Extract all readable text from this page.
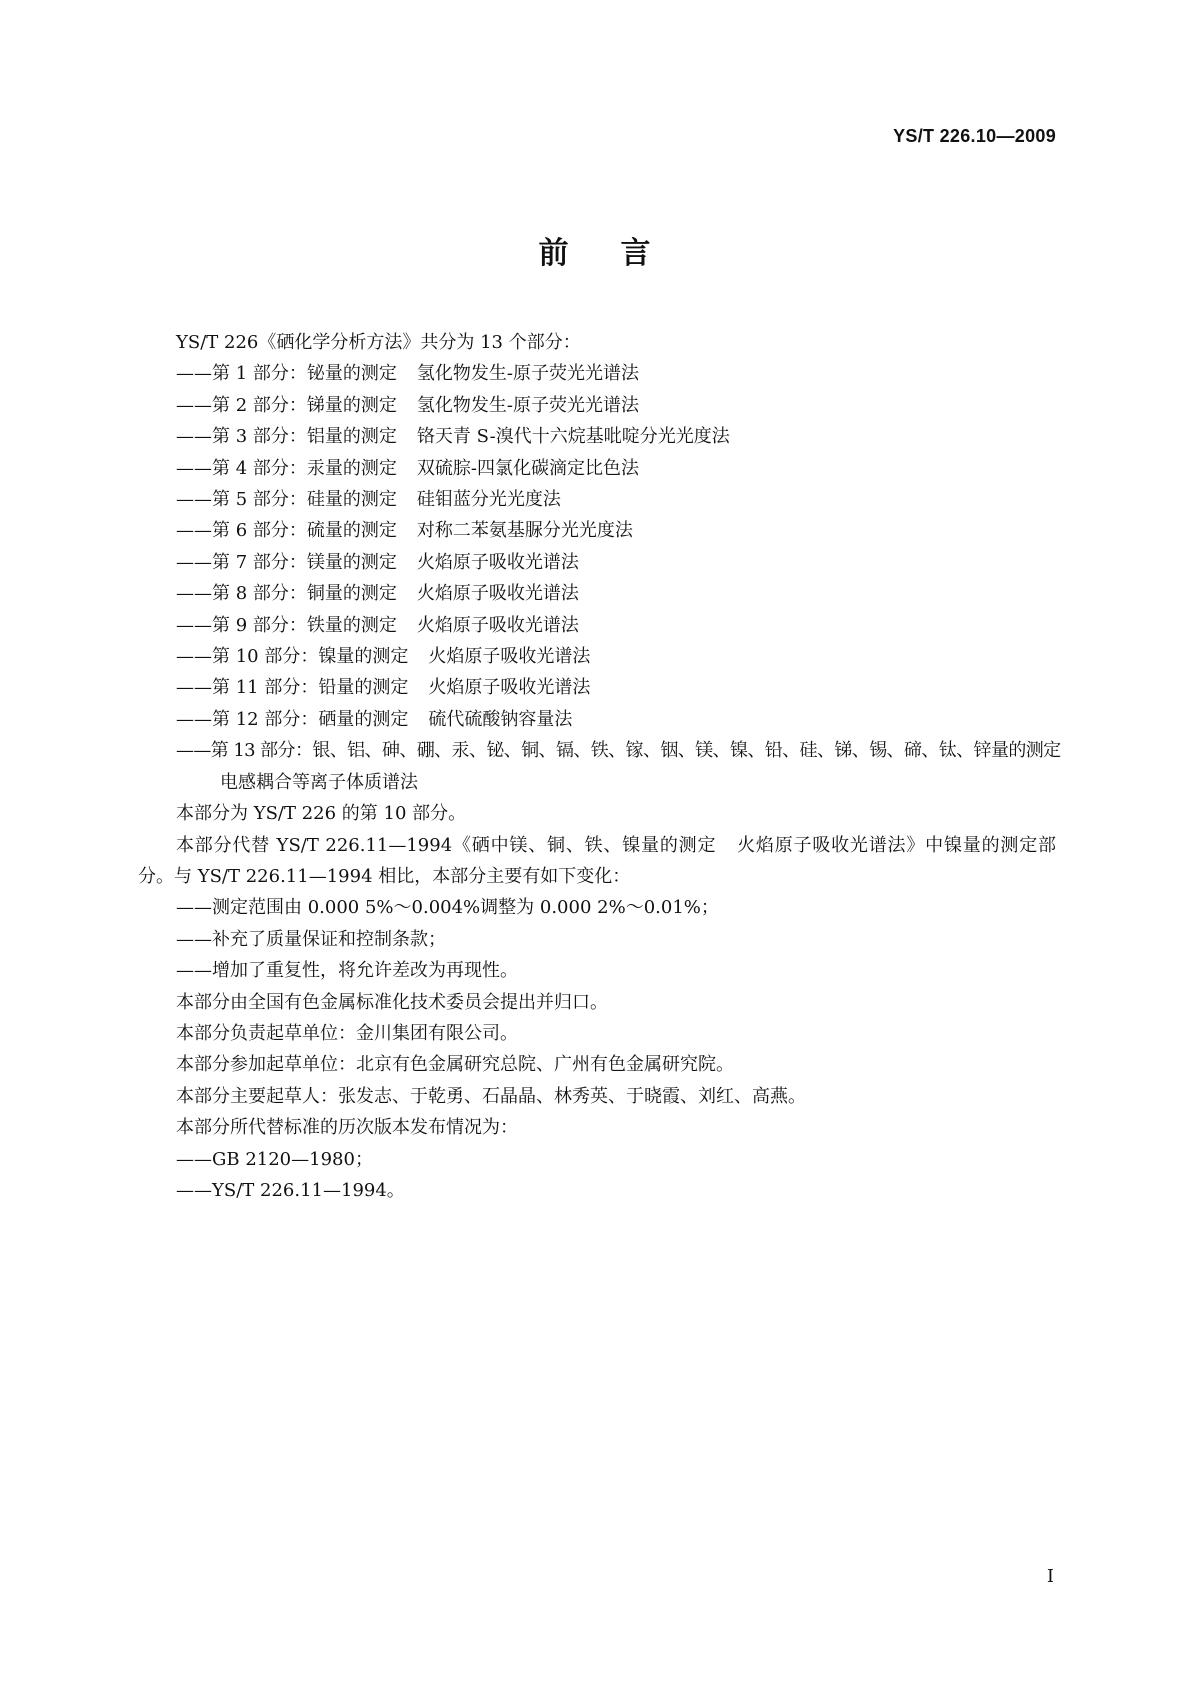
YS/T 226.10—2009
前 言
YS/T 226《硒化学分析方法》共分为 13 个部分：
——第 1 部分：铋量的测定 氢化物发生-原子荧光光谱法
——第 2 部分：锑量的测定 氢化物发生-原子荧光光谱法
——第 3 部分：铝量的测定 铬天青 S-溴代十六烷基吡啶分光光度法
——第 4 部分：汞量的测定 双硫腙-四氯化碳滴定比色法
——第 5 部分：硅量的测定 硅钼蓝分光光度法
——第 6 部分：硫量的测定 对称二苯氨基脲分光光度法
——第 7 部分：镁量的测定 火焰原子吸收光谱法
——第 8 部分：铜量的测定 火焰原子吸收光谱法
——第 9 部分：铁量的测定 火焰原子吸收光谱法
——第 10 部分：镍量的测定 火焰原子吸收光谱法
——第 11 部分：铅量的测定 火焰原子吸收光谱法
——第 12 部分：硒量的测定 硫代硫酸钠容量法
——第 13 部分：银、铝、砷、硼、汞、铋、铜、镉、铁、镓、铟、镁、镍、铅、硅、锑、锡、碲、钛、锌量的测定
电感耦合等离子体质谱法
本部分为 YS/T 226 的第 10 部分。
本部分代替 YS/T 226.11—1994《硒中镁、铜、铁、镍量的测定 火焰原子吸收光谱法》中镍量的测定部分。与 YS/T 226.11—1994 相比，本部分主要有如下变化：
——测定范围由 0.000 5%～0.004%调整为 0.000 2%～0.01%；
——补充了质量保证和控制条款；
——增加了重复性，将允许差改为再现性。
本部分由全国有色金属标准化技术委员会提出并归口。
本部分负责起草单位：金川集团有限公司。
本部分参加起草单位：北京有色金属研究总院、广州有色金属研究院。
本部分主要起草人：张发志、于乾勇、石晶晶、林秀英、于晓霞、刘红、高燕。
本部分所代替标准的历次版本发布情况为：
——GB 2120—1980；
——YS/T 226.11—1994。
I
